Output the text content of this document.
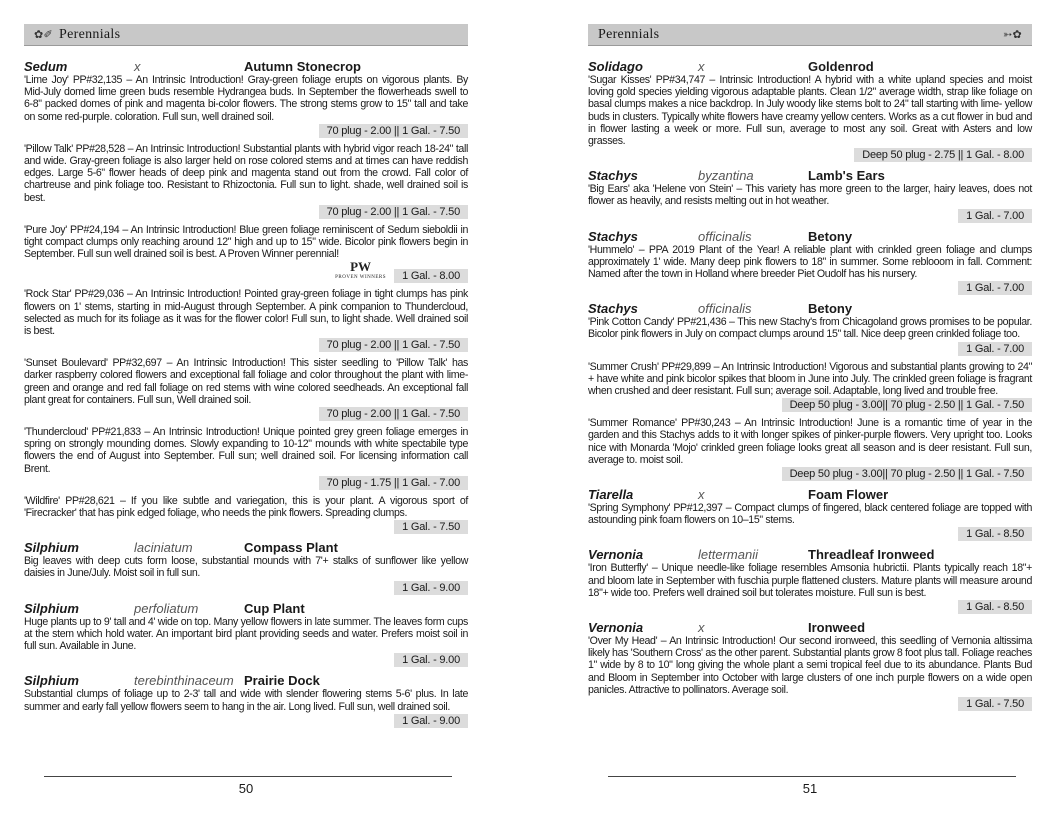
✿✐ Perennials
Sedum	x	Autumn Stonecrop

'Lime Joy' PP#32,135 – An Intrinsic Introduction! Gray-green foliage erupts on vigorous plants. By Mid-July domed lime green buds resemble Hydrangea buds. In September the flowerheads swell to 6-8" packed domes of pink and magenta bi-color flowers. The strong stems grow to 15" tall and take on some red-purple. coloration. Full sun, well drained soil.

70 plug - 2.00 || 1 Gal. - 7.50

'Pillow Talk' PP#28,528 – An Intrinsic Introduction! Substantial plants with hybrid vigor reach 18-24" tall and wide. Gray-green foliage is also larger held on rose colored stems and at times can have reddish edges. Large 5-6" flower heads of deep pink and magenta stand out from the crowd. Fall color of chartreuse and pink foliage too. Resistant to Rhizoctonia. Full sun to light. shade, well drained soil is best.

70 plug - 2.00 || 1 Gal. - 7.50

'Pure Joy' PP#24,194 – An Intrinsic Introduction! Blue green foliage reminiscent of Sedum sieboldii in tight compact clumps only reaching around 12" high and up to 15" wide. Bicolor pink flowers begin in September. Full sun well drained soil is best. A Proven Winner perennial!

PW
PROVEN WINNERS	1 Gal. - 8.00

'Rock Star' PP#29,036 – An Intrinsic Introduction! Pointed gray-green foliage in tight clumps has pink flowers on 1' stems, starting in mid-August through September. A pink companion to Thundercloud, selected as much for its foliage as it was for the flower color! Full sun, to light shade. Well drained soil is best.

70 plug - 2.00 || 1 Gal. - 7.50

'Sunset Boulevard' PP#32,697 – An Intrinsic Introduction! This sister seedling to 'Pillow Talk' has darker raspberry colored flowers and exceptional fall foliage and color throughout the plant with lime-green and orange and red fall foliage on red stems with wine colored seedheads. An exceptional fall plant great for containers. Full sun, Well drained soil.

70 plug - 2.00 || 1 Gal. - 7.50

'Thundercloud' PP#21,833 – An Intrinsic Introduction! Unique pointed grey green foliage emerges in spring on strongly mounding domes. Slowly expanding to 10-12" mounds with white spectabile type flowers the end of August into September. Full sun; well drained soil. For licensing information call Brent.

70 plug - 1.75 || 1 Gal. - 7.00

'Wildfire' PP#28,621 – If you like subtle and variegation, this is your plant. A vigorous sport of 'Firecracker' that has pink edged foliage, who needs the pink flowers. Spreading clumps.

1 Gal. - 7.50
Silphium	laciniatum	Compass Plant

Big leaves with deep cuts form loose, substantial mounds with 7'+ stalks of sunflower like yellow daisies in June/July. Moist soil in full sun.

1 Gal. - 9.00
Silphium	perfoliatum	Cup Plant

Huge plants up to 9' tall and 4' wide on top. Many yellow flowers in late summer. The leaves form cups at the stem which hold water. An important bird plant providing seeds and water. Prefers moist soil in full sun. Available in June.

1 Gal. - 9.00
Silphium	terebinthinaceum Prairie Dock

Substantial clumps of foliage up to 2-3' tall and wide with slender flowering stems 5-6' plus. In late summer and early fall yellow flowers seem to hang in the air. Long lived. Full sun, well drained soil.

1 Gal. - 9.00
50
Perennials	➳✿
Solidago	x	Goldenrod

'Sugar Kisses' PP#34,747 – Intrinsic Introduction! A hybrid with a white upland species and moist loving gold species yielding vigorous adaptable plants. Clean 1/2" average width, strap like foliage on basal clumps makes a nice backdrop. In July woody like stems bolt to 24" tall starting with lime- yellow buds in clusters. Typically white flowers have creamy yellow centers. Works as a cut flower in bud and in flower lasting a week or more. Full sun, average to most any soil. Great with Asters and low grasses.

Deep 50 plug - 2.75 || 1 Gal. - 8.00
Stachys	byzantina	Lamb's Ears

'Big Ears' aka 'Helene von Stein' – This variety has more green to the larger, hairy leaves, does not flower as heavily, and resists melting out in hot weather.

1 Gal. - 7.00
Stachys	officinalis	Betony

'Hummelo' – PPA 2019 Plant of the Year! A reliable plant with crinkled green foliage and clumps approximately 1' wide. Many deep pink flowers to 18" in summer. Some reblooom in fall. Comment: Named after the town in Holland where breeder Piet Oudolf has his nursery.

1 Gal. - 7.00
Stachys	officinalis	Betony

'Pink Cotton Candy' PP#21,436 – This new Stachy's from Chicagoland grows promises to be popular. Bicolor pink flowers in July on compact clumps around 15" tall. Nice deep green crinkled foliage too.

1 Gal. - 7.00

'Summer Crush' PP#29,899 – An Intrinsic Introduction! Vigorous and substantial plants growing to 24" + have white and pink bicolor spikes that bloom in June into July. The crinkled green foliage is fragrant when crushed and deer resistant. Full sun; average soil. Adaptable, long lived and trouble free.

Deep 50 plug - 3.00|| 70 plug - 2.50 || 1 Gal. - 7.50

'Summer Romance' PP#30,243 – An Intrinsic Introduction! June is a romantic time of year in the garden and this Stachys adds to it with longer spikes of pinker-purple flowers. Very upright too. Looks nice with Monarda 'Mojo' crinkled green foliage looks great all season and is deer resistant. Full sun, average to. moist soil.

Deep 50 plug - 3.00|| 70 plug - 2.50 || 1 Gal. - 7.50
Tiarella	x	Foam Flower

'Spring Symphony' PP#12,397 – Compact clumps of fingered, black centered foliage are topped with astounding pink foam flowers on 10–15" stems.

1 Gal. - 8.50
Vernonia	lettermanii	Threadleaf Ironweed

'Iron Butterfly' – Unique needle-like foliage resembles Amsonia hubrictii. Plants typically reach 18"+ and bloom late in September with fuschia purple flattened clusters. Mature plants will measure around 18"+ wide too. Prefers well drained soil but tolerates moisture. Full sun is best.

1 Gal. - 8.50
Vernonia	x	Ironweed

'Over My Head' – An Intrinsic Introduction! Our second ironweed, this seedling of Vernonia altissima likely has 'Southern Cross' as the other parent. Substantial plants grow 8 foot plus tall. Foliage reaches 1" wide by 8 to 10" long giving the whole plant a semi tropical feel due to its abundance. Plants Bud and Bloom in September into October with large clusters of one inch purple flowers on a wide open panicles. Attractive to pollinators. Average soil.

1 Gal. - 7.50
51
